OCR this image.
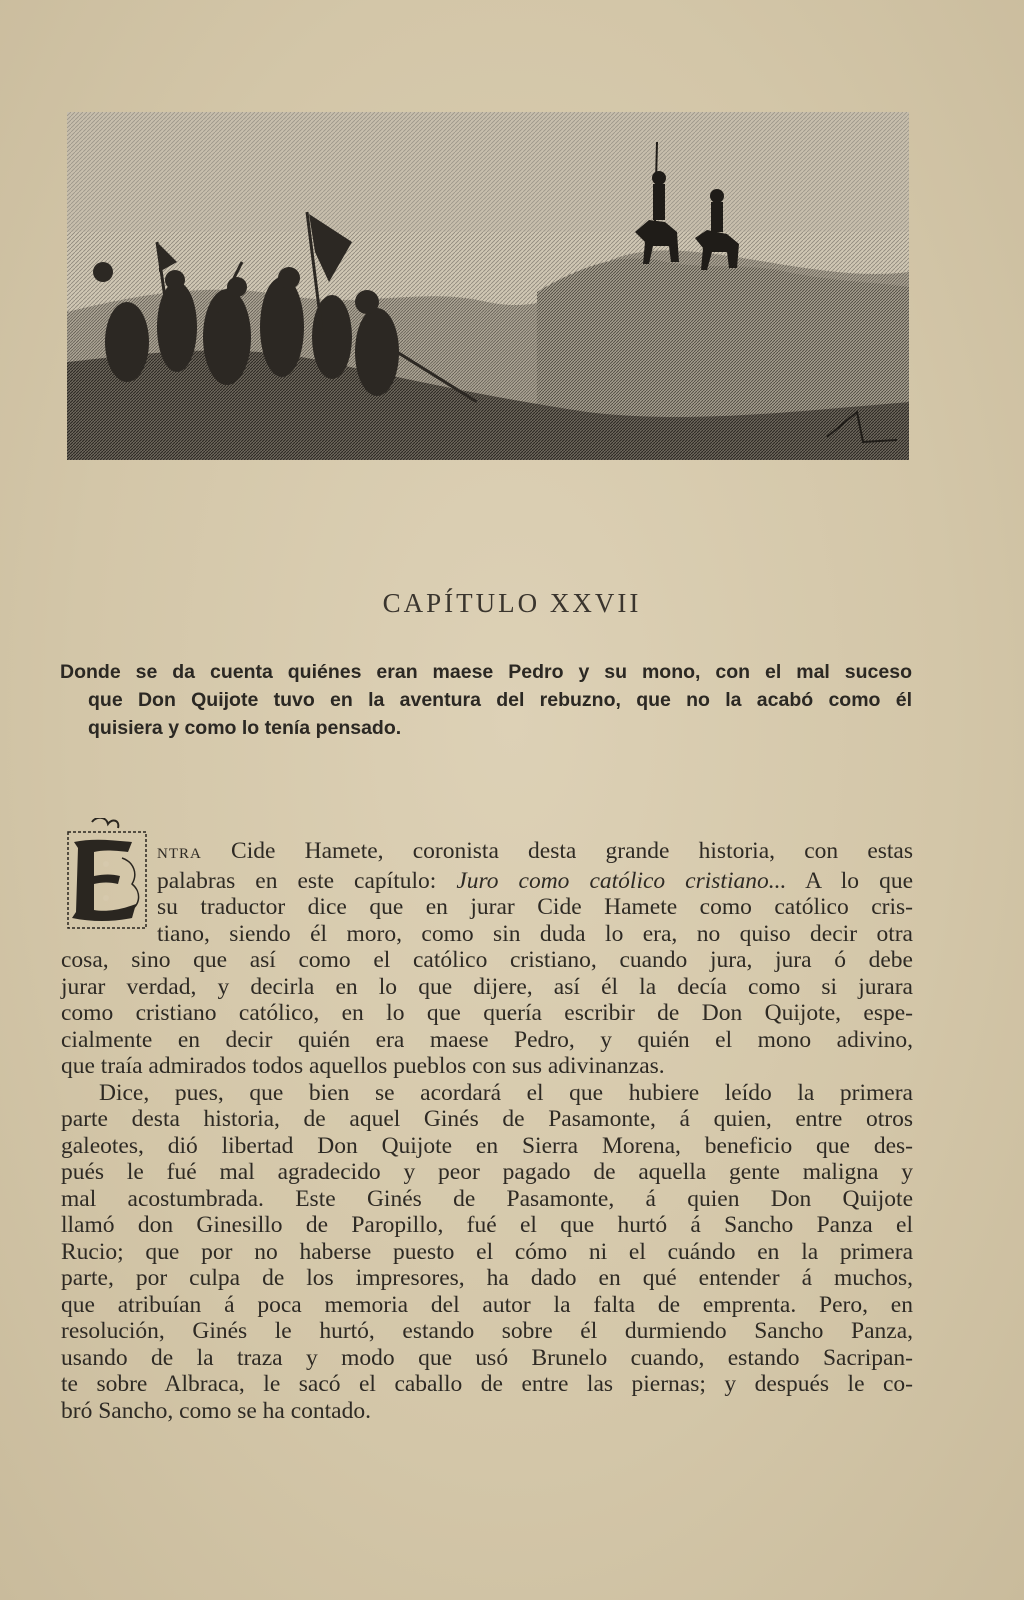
CAPÍTULO XXVII
Donde se da cuenta quiénes eran maese Pedro y su mono, con el mal suceso
que Don Quijote tuvo en la aventura del rebuzno, que no la acabó como él
quisiera y como lo tenía pensado.
NTRA Cide Hamete, coronista desta grande historia, con estas
palabras en este capítulo: Juro como católico cristiano... A lo que
su traductor dice que en jurar Cide Hamete como católico cris-
tiano, siendo él moro, como sin duda lo era, no quiso decir otra
cosa, sino que así como el católico cristiano, cuando jura, jura ó debe
jurar verdad, y decirla en lo que dijere, así él la decía como si jurara
como cristiano católico, en lo que quería escribir de Don Quijote, espe-
cialmente en decir quién era maese Pedro, y quién el mono adivino,
que traía admirados todos aquellos pueblos con sus adivinanzas.
Dice, pues, que bien se acordará el que hubiere leído la primera
parte desta historia, de aquel Ginés de Pasamonte, á quien, entre otros
galeotes, dió libertad Don Quijote en Sierra Morena, beneficio que des-
pués le fué mal agradecido y peor pagado de aquella gente maligna y
mal acostumbrada. Este Ginés de Pasamonte, á quien Don Quijote
llamó don Ginesillo de Paropillo, fué el que hurtó á Sancho Panza el
Rucio; que por no haberse puesto el cómo ni el cuándo en la primera
parte, por culpa de los impresores, ha dado en qué entender á muchos,
que atribuían á poca memoria del autor la falta de emprenta. Pero, en
resolución, Ginés le hurtó, estando sobre él durmiendo Sancho Panza,
usando de la traza y modo que usó Brunelo cuando, estando Sacripan-
te sobre Albraca, le sacó el caballo de entre las piernas; y después le co-
bró Sancho, como se ha contado.
